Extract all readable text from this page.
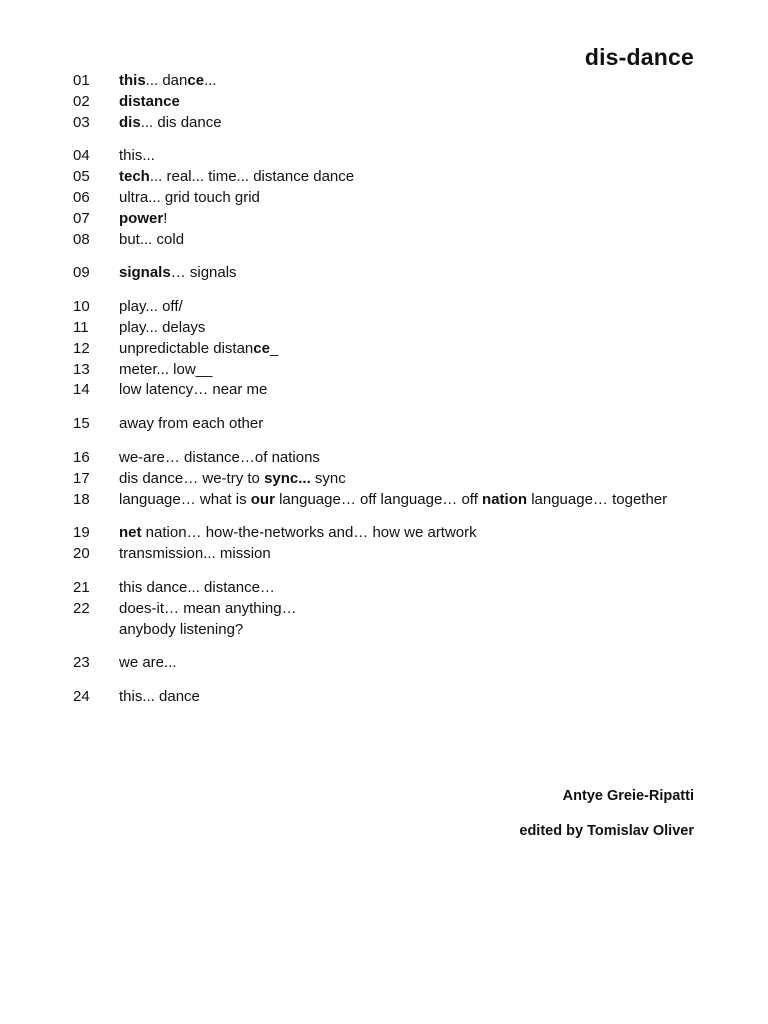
dis-dance
01	this... dance...
02	distance
03	dis... dis dance
04	this...
05	tech... real... time... distance dance
06	ultra... grid touch grid
07	power!
08	but... cold
09	signals… signals
10	play... off/
11	play... delays
12	unpredictable distance_
13	meter... low__
14	low latency… near me
15	away from each other
16	we-are… distance…of nations
17	dis dance… we-try to sync... sync
18 language… what is our language… off language… off nation language… together
19	net nation… how-the-networks and… how we artwork
20	transmission... mission
21	this dance... distance…
22	does-it… mean anything…
anybody listening?
23	we are...
24	this... dance

Antye Greie-Ripatti

edited by Tomislav Oliver
